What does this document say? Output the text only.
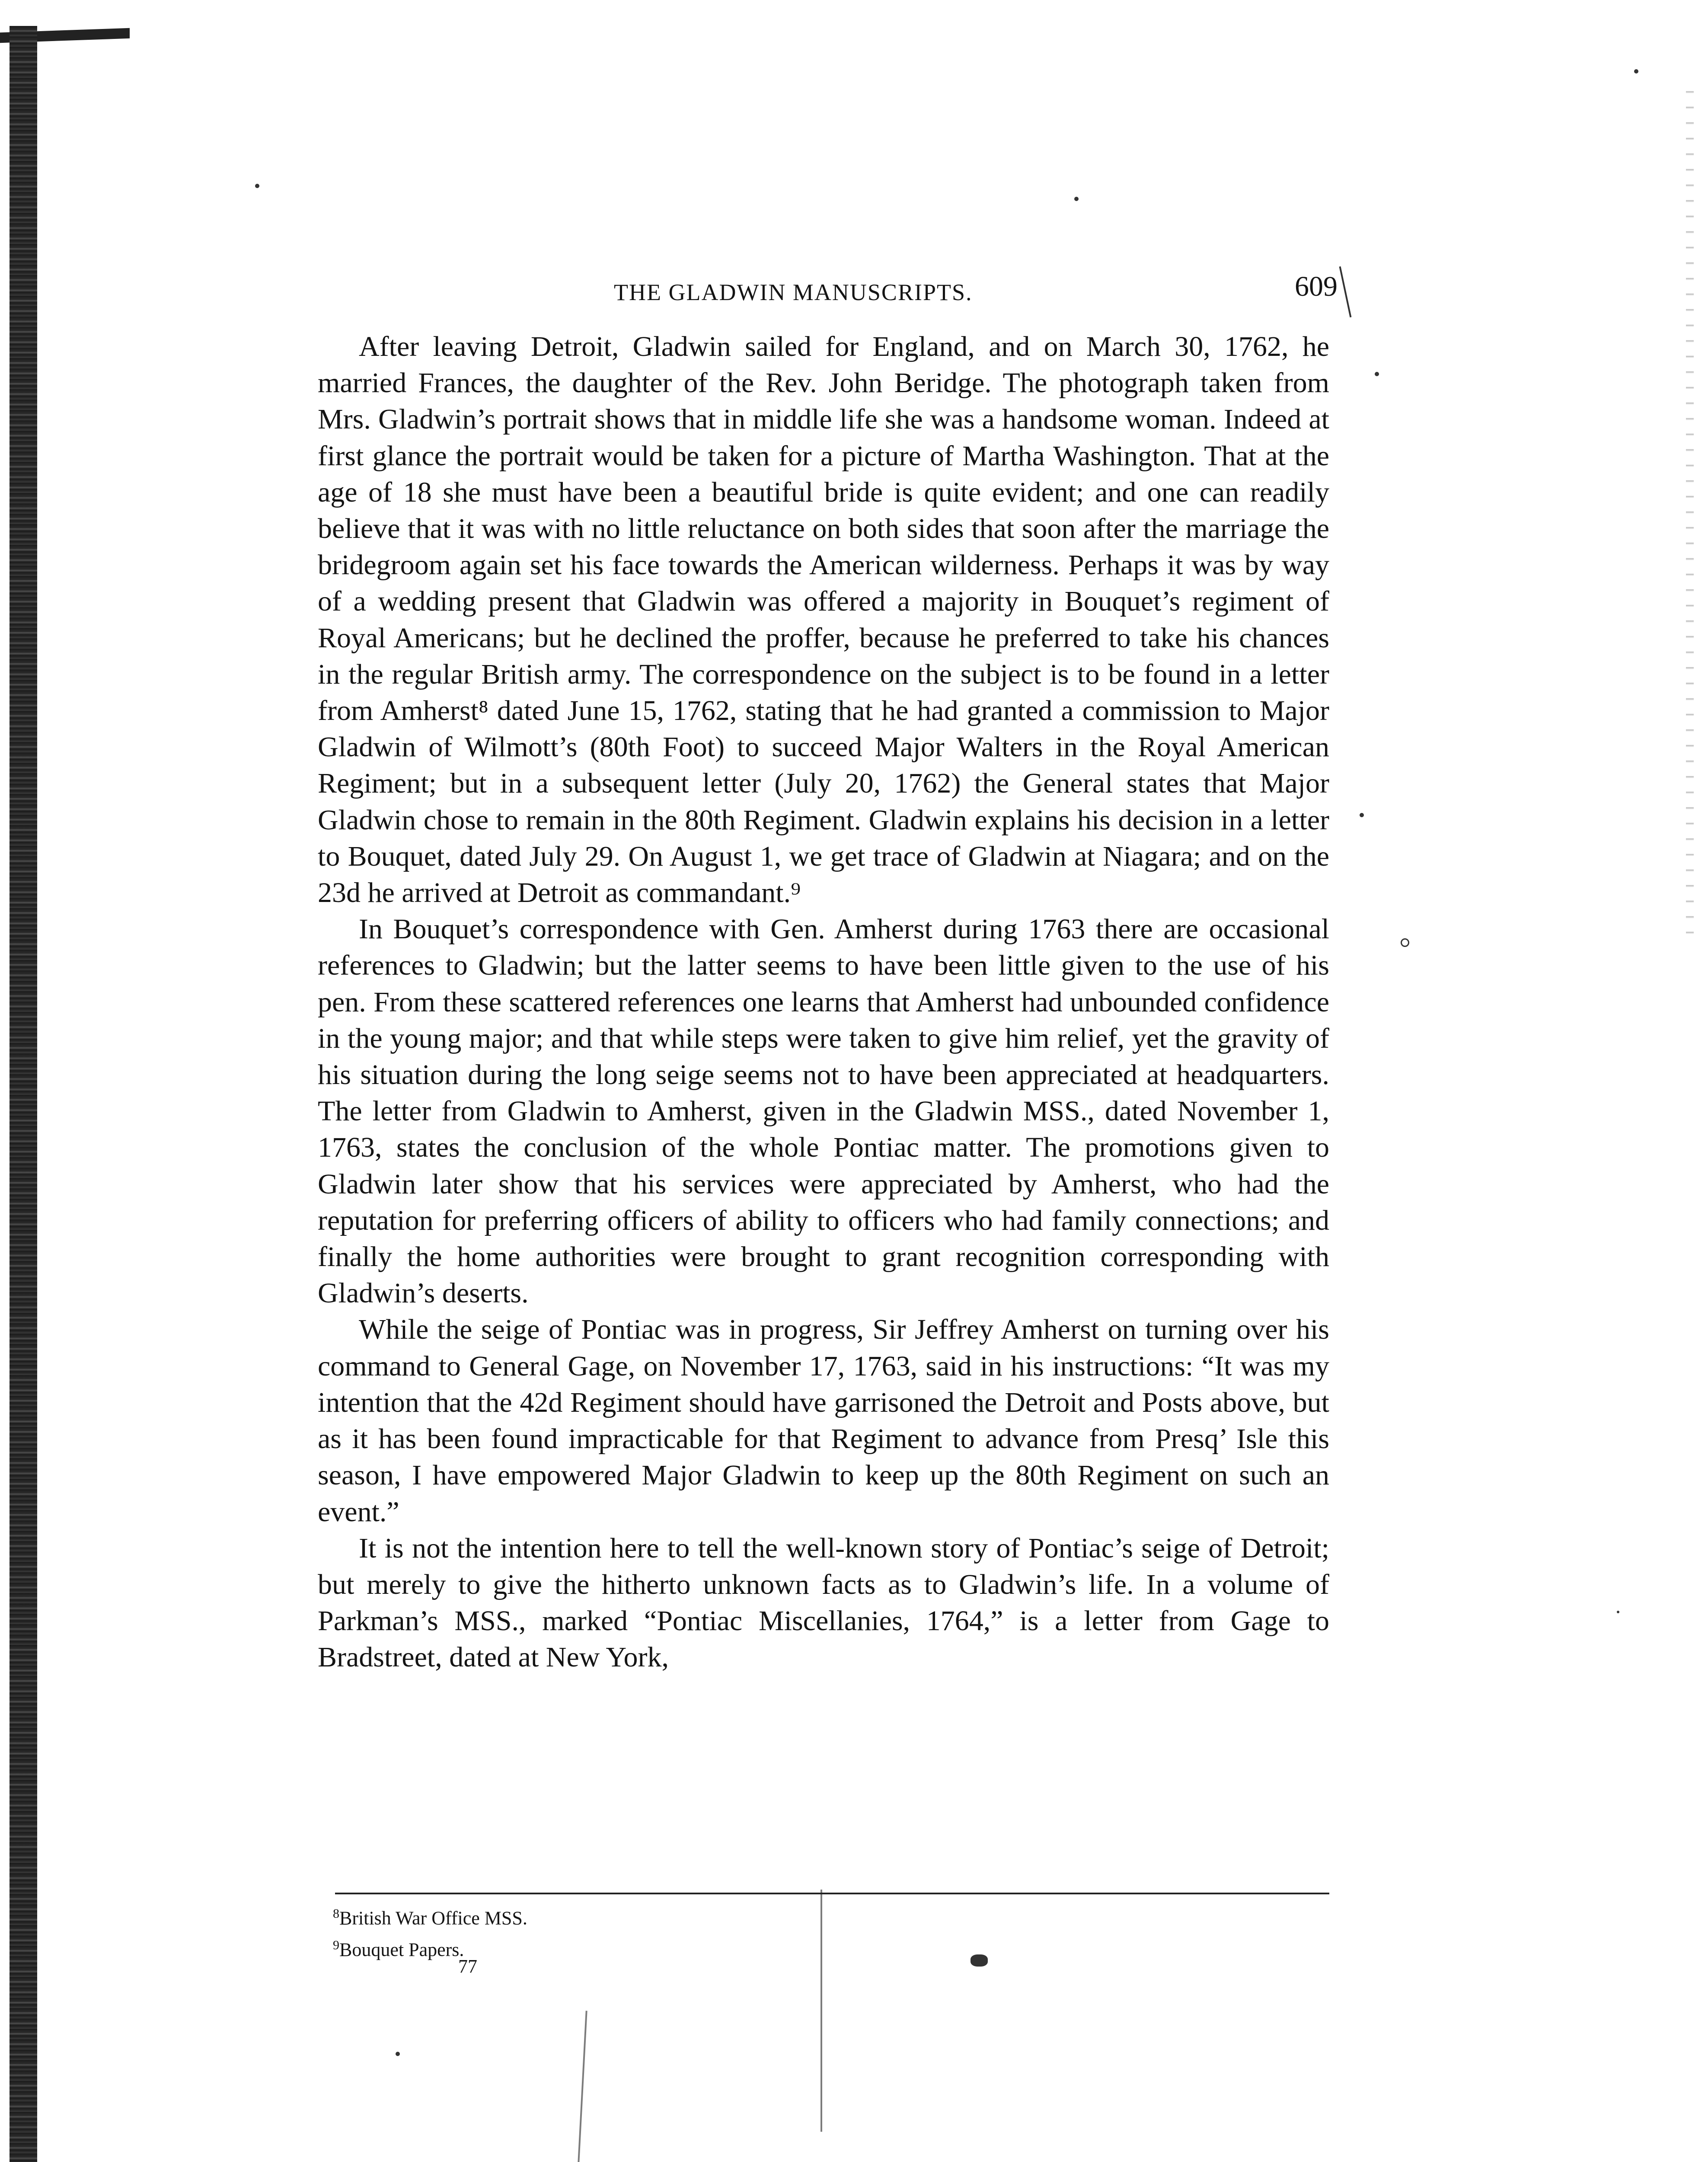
THE GLADWIN MANUSCRIPTS.	609

After leaving Detroit, Gladwin sailed for England, and on March 30, 1762, he married Frances, the daughter of the Rev. John Beridge. The photograph taken from Mrs. Gladwin’s portrait shows that in middle life she was a handsome woman. Indeed at first glance the portrait would be taken for a picture of Martha Washington. That at the age of 18 she must have been a beautiful bride is quite evident; and one can readily believe that it was with no little reluctance on both sides that soon after the marriage the bridegroom again set his face towards the American wilderness. Perhaps it was by way of a wedding present that Gladwin was offered a majority in Bouquet’s regiment of Royal Americans; but he declined the proffer, because he preferred to take his chances in the regular British army. The correspondence on the subject is to be found in a letter from Amherst⁸ dated June 15, 1762, stating that he had granted a commission to Major Gladwin of Wilmott’s (80th Foot) to succeed Major Walters in the Royal American Regiment; but in a subsequent letter (July 20, 1762) the General states that Major Gladwin chose to remain in the 80th Regiment. Gladwin explains his decision in a letter to Bouquet, dated July 29. On August 1, we get trace of Gladwin at Niagara; and on the 23d he arrived at Detroit as commandant.⁹

In Bouquet’s correspondence with Gen. Amherst during 1763 there are occasional references to Gladwin; but the latter seems to have been little given to the use of his pen. From these scattered references one learns that Amherst had unbounded confidence in the young major; and that while steps were taken to give him relief, yet the gravity of his situation during the long seige seems not to have been appreciated at headquarters. The letter from Gladwin to Amherst, given in the Gladwin MSS., dated November 1, 1763, states the conclusion of the whole Pontiac matter. The promotions given to Gladwin later show that his services were appreciated by Amherst, who had the reputation for preferring officers of ability to officers who had family connections; and finally the home authorities were brought to grant recognition corresponding with Gladwin’s deserts.

While the seige of Pontiac was in progress, Sir Jeffrey Amherst on turning over his command to General Gage, on November 17, 1763, said in his instructions: “It was my intention that the 42d Regiment should have garrisoned the Detroit and Posts above, but as it has been found impracticable for that Regiment to advance from Presq’ Isle this season, I have empowered Major Gladwin to keep up the 80th Regiment on such an event.”

It is not the intention here to tell the well-known story of Pontiac’s seige of Detroit; but merely to give the hitherto unknown facts as to Gladwin’s life. In a volume of Parkman’s MSS., marked “Pontiac Miscellanies, 1764,” is a letter from Gage to Bradstreet, dated at New York,

$^8$British War Office MSS.
$^9$Bouquet Papers.
77
